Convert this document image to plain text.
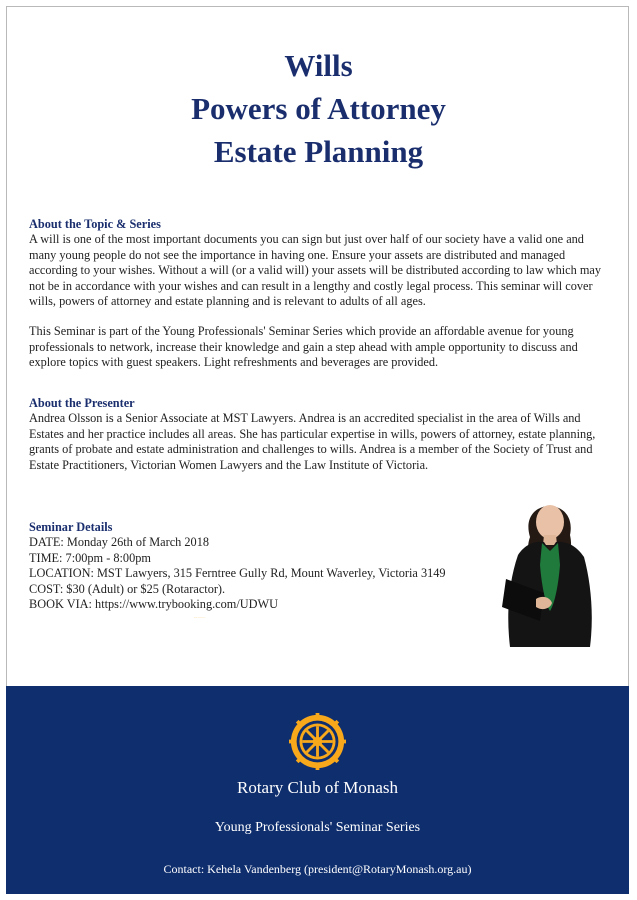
Wills
Powers of Attorney
Estate Planning
About the Topic & Series

A will is one of the most important documents you can sign but just over half of our society have a valid one and many young people do not see the importance in having one. Ensure your assets are distributed and managed according to your wishes. Without a will (or a valid will) your assets will be distributed according to law which may not be in accordance with your wishes and can result in a lengthy and costly legal process. This seminar will cover wills, powers of attorney and estate planning and is relevant to adults of all ages.

This Seminar is part of the Young Professionals' Seminar Series which provide an affordable avenue for young professionals to network, increase their knowledge and gain a step ahead with ample opportunity to discuss and explore topics with guest speakers. Light refreshments and beverages are provided.

About the Presenter

Andrea Olsson is a Senior Associate at MST Lawyers. Andrea is an accredited specialist in the area of Wills and Estates and her practice includes all areas. She has particular expertise in wills, powers of attorney, estate planning, grants of probate and estate administration and challenges to wills. Andrea is a member of the Society of Trust and Estate Practitioners, Victorian Women Lawyers and the Law Institute of Victoria.

Seminar Details
DATE: Monday 26th of March 2018
TIME: 7:00pm - 8:00pm
LOCATION: MST Lawyers, 315 Ferntree Gully Rd, Mount Waverley, Victoria 3149
COST: $30 (Adult) or $25 (Rotaractor).
BOOK VIA: https://www.trybooking.com/UDWU
ROTARY INTERNATIONAL
Rotary Club of Monash
Young Professionals' Seminar Series
Contact: Kehela Vandenberg (president@RotaryMonash.org.au)
